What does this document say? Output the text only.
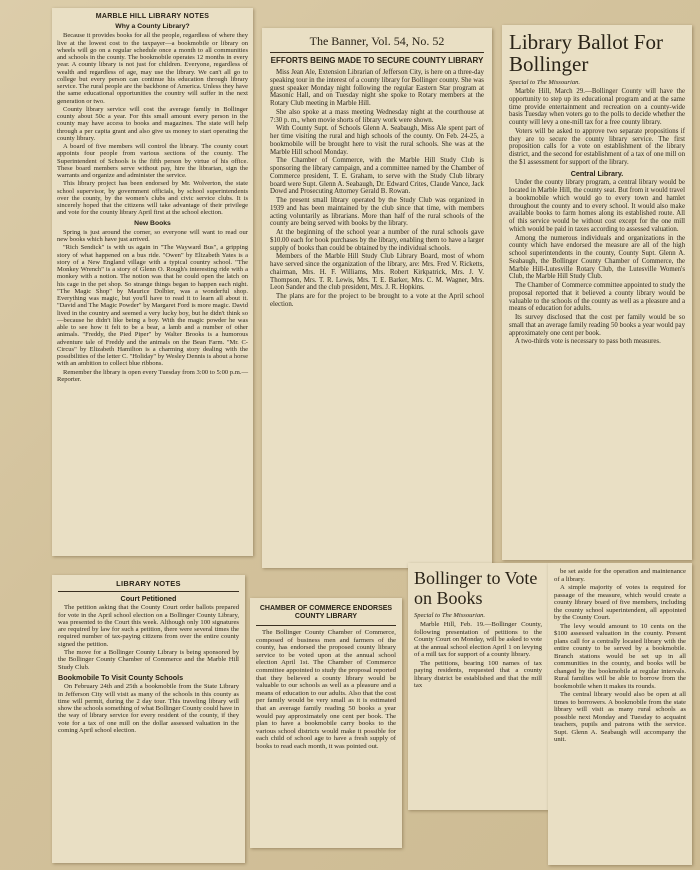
MARBLE HILL LIBRARY NOTES
Why a County Library?

Because it provides books for all the people, regardless of where they live at the lowest cost to the taxpayer—a bookmobile or library on wheels will go on a regular schedule once a month to all communities and schools in the county. The bookmobile operates 12 months in every year. A county library is not just for children. Everyone, regardless of wealth and regardless of age, may use the library. We can't all go to college but every person can continue his education through library service. The rural people are the backbone of America. Unless they have the same educational opportunities the country will suffer in the next generation or two.

County library service will cost the average family in Bollinger county about 50c a year. For this small amount every person in the county may have access to books and magazines. The state will help through a per capita grant and also give us money to start operating the county library.

A board of five members will control the library. The county court appoints four people from various sections of the county. The Superintendent of Schools is the fifth person by virtue of his office. These board members serve without pay, hire the librarian, sign the warrants and organize and administer the service.

This library project has been endorsed by Mr. Wolverton, the state school supervisor, by government officials, by school superintendents over the county, by the women's clubs and civic service clubs. It is sincerely hoped that the citizens will take advantage of their privilege and vote for the county library April first at the school election.

New Books

Spring is just around the corner, so everyone will want to read our new books which have just arrived.

"Rich Sendick" is with us again in "The Wayward Bus", a gripping story of what happened on a bus ride. "Owen" by Elizabeth Yates is a story of a New England village with a typical country school. "The Monkey Wrench" is a story of Glenn O. Rough's interesting ride with a monkey with a notion. The notion was that he could open the latch on his cage in the pet shop. So strange things began to happen each night. "The Magic Shop" by Maurice Dolbier, was a wonderful shop. Everything was magic, but you'll have to read it to learn all about it. "David and The Magic Powder" by Margaret Ford is more magic. David lived in the country and seemed a very lucky boy, but he didn't think so—because he didn't like being a boy. With the magic powder he was able to see how it felt to be a bear, a lamb and a number of other animals. "Freddy, the Pied Piper" by Walter Brooks is a humorous adventure tale of Freddy and the animals on the Bean Farm. "Mr. C-Circus" by Elizabeth Hamilton is a charming story dealing with the possibilities of the letter C. "Holiday" by Wesley Dennis is about a horse with an ambition to collect blue ribbons.

Remember the library is open every Tuesday from 3:00 to 5:00 p.m.—Reporter.

The Banner, Vol. 54, No. 52
EFFORTS BEING MADE TO SECURE COUNTY LIBRARY

Miss Jean Ale, Extension Librarian of Jefferson City, is here on a three-day speaking tour in the interest of a county library for Bollinger county. She was guest speaker Monday night following the regular Eastern Star program at Masonic Hall, and on Tuesday night she spoke to Rotary members at the Rotary Club meeting in Marble Hill.

She also spoke at a mass meeting Wednesday night at the courthouse at 7:30 p. m., when movie shorts of library work were shown.

With County Supt. of Schools Glenn A. Seabaugh, Miss Ale spent part of her time visiting the rural and high schools of the county. On Feb. 24-25, a bookmobile will be brought here to visit the rural schools. She was at the Marble Hill school Monday.

The Chamber of Commerce, with the Marble Hill Study Club is sponsoring the library campaign, and a committee named by the Chamber of Commerce president, T. E. Graham, to serve with the Study Club library board were Supt. Glenn A. Seabaugh, Dr. Edward Crites, Claude Vance, Jack Dowd and Prosecuting Attorney Gerald B. Rowan.

The present small library operated by the Study Club was organized in 1939 and has been maintained by the club since that time, with members acting voluntarily as librarians. More than half of the rural schools of the county are being served with books by the library.

At the beginning of the school year a number of the rural schools gave $10.00 each for book purchases by the library, enabling them to have a larger supply of books than could be obtained by the individual schools.

Members of the Marble Hill Study Club Library Board, most of whom have served since the organization of the library, are: Mrs. Fred V. Ricketts, chairman, Mrs. H. F. Williams, Mrs. Robert Kirkpatrick, Mrs. J. V. Thompson, Mrs. T. R. Lewis, Mrs. T. E. Barker, Mrs. C. M. Wagner, Mrs. Leon Sander and the club president, Mrs. J. R. Hopkins.

The plans are for the project to be brought to a vote at the April school election.

Library Ballot For Bollinger
Special to The Missourian.

Marble Hill, March 29.—Bollinger County will have the opportunity to step up its educational program and at the same time provide entertainment and recreation on a county-wide basis Tuesday when voters go to the polls to decide whether the county will levy a one-mill tax for a free county library.

Voters will be asked to approve two separate propositions if they are to secure the county library service. The first proposition calls for a vote on establishment of the library district, and the second for establishment of a tax of one mill on the $1 assessment for support of the library.

Central Library.

Under the county library program, a central library would be located in Marble Hill, the county seat. But from it would travel a bookmobile which would go to every town and hamlet throughout the county and to every school. It would also make available books to farm homes along its established route. All of this service would be without cost except for the one mill which would be paid in taxes according to assessed valuation.

Among the numerous individuals and organizations in the county which have endorsed the measure are all of the high school superintendents in the county, County Supt. Glenn A. Seabaugh, the Bollinger County Chamber of Commerce, the Marble Hill-Lutesville Rotary Club, the Lutesville Women's Club, the Marble Hill Study Club.

The Chamber of Commerce committee appointed to study the proposal reported that it believed a county library would be valuable to the schools of the county as well as a pleasure and a means of education for adults.

Its survey disclosed that the cost per family would be so small that an average family reading 50 books a year would pay approximately one cent per book.

A two-thirds vote is necessary to pass both measures.

LIBRARY NOTES
Court Petitioned

The petition asking that the County Court order ballots prepared for vote in the April school election on a Bollinger County Library, was presented to the Court this week. Although only 100 signatures are required by law for such a petition, there were several times the required number of tax-paying citizens from over the entire county signed the petition.

The move for a Bollinger County Library is being sponsored by the Bollinger County Chamber of Commerce and the Marble Hill Study Club.

Bookmobile To Visit County Schools

On February 24th and 25th a bookmobile from the State Library in Jefferson City will visit as many of the schools in this county as time will permit, during the 2 day tour. This traveling library will show the schools something of what Bollinger County could have in the way of library service for every resident of the county, if they vote for a tax of one mill on the dollar assessed valuation in the coming April school election.

CHAMBER OF COMMERCE ENDORSES COUNTY LIBRARY

The Bollinger County Chamber of Commerce, composed of business men and farmers of the county, has endorsed the proposed county library service to be voted upon at the annual school election April 1st. The Chamber of Commerce committee appointed to study the proposal reported that they believed a county library would be valuable to our schools as well as a pleasure and a means of education to our adults. Also that the cost per family would be very small as it is estimated that an average family reading 50 books a year would pay approximately one cent per book. The plan to have a bookmobile carry books to the various school districts would make it possible for each child of school age to have a fresh supply of books to read each month, it was pointed out.

Bollinger to Vote on Books
Special to The Missourian.

Marble Hill, Feb. 19.—Bollinger County, following presentation of petitions to the County Court on Monday, will be asked to vote at the annual school election April 1 on levying of a mill tax for support of a county library.

The petitions, bearing 100 names of tax paying residents, requested that a county library district be established and that the mill tax

be set aside for the operation and maintenance of a library.

A simple majority of votes is required for passage of the measure, which would create a county library board of five members, including the county school superintendent, all appointed by the County Court.

The levy would amount to 10 cents on the $100 assessed valuation in the county. Present plans call for a centrally located library with the entire county to be served by a bookmobile. Branch stations would be set up in all communities in the county, and books will be changed by the bookmobile at regular intervals. Rural families will be able to borrow from the bookmobile when it makes its rounds.

The central library would also be open at all times to borrowers. A bookmobile from the state library will visit as many rural schools as possible next Monday and Tuesday to acquaint teachers, pupils and patrons with the service. Supt. Glenn A. Seabaugh will accompany the unit.
